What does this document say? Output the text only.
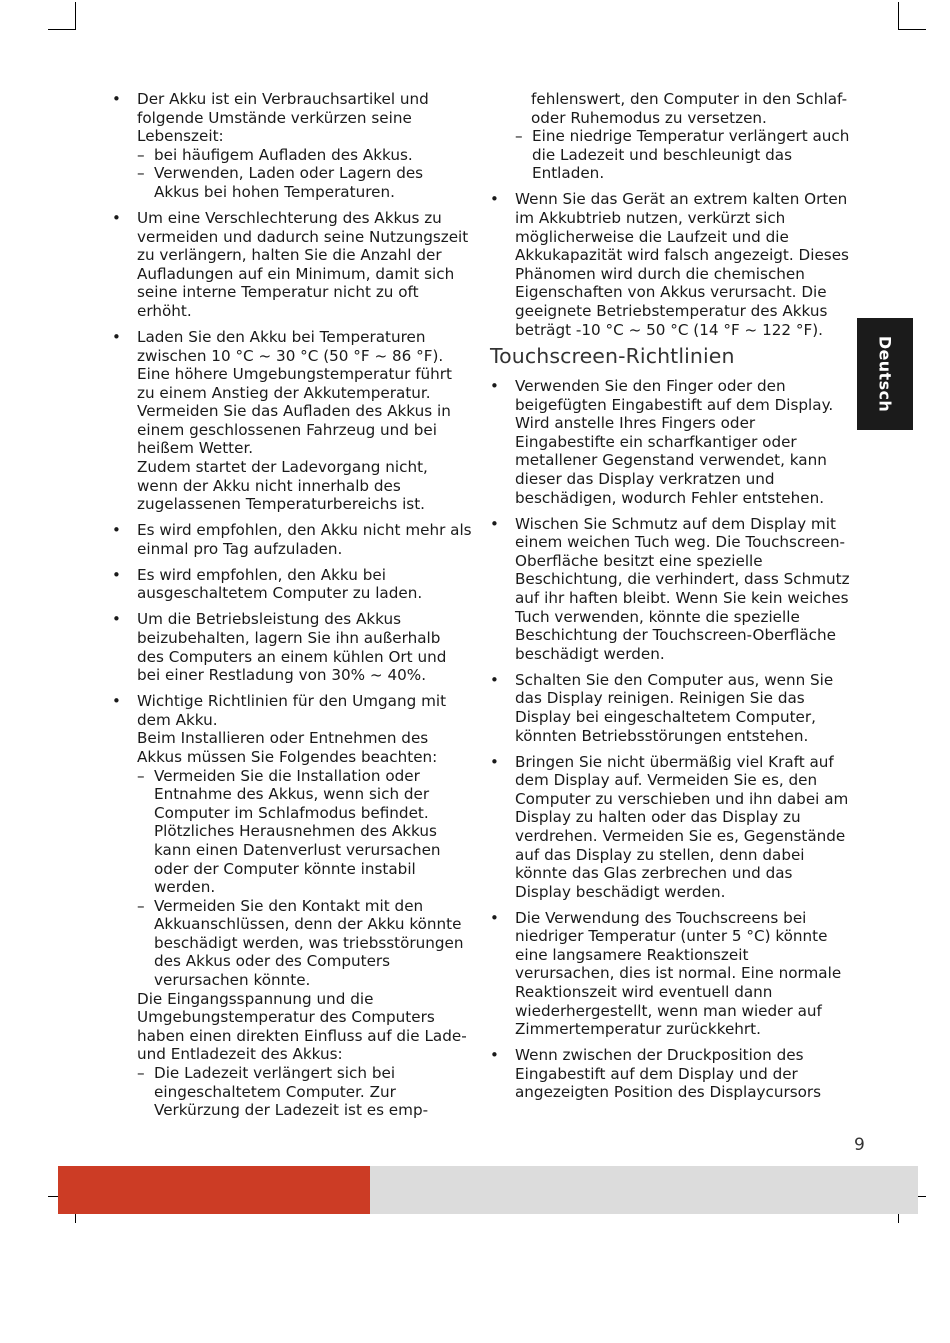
• Der Akku ist ein Verbrauchsartikel und folgende Umstände verkürzen seine Lebenszeit:
– bei häufigem Aufladen des Akkus.
– Verwenden, Laden oder Lagern des Akkus bei hohen Temperaturen.
• Um eine Verschlechterung des Akkus zu vermeiden und dadurch seine Nutzungszeit zu verlängern, halten Sie die Anzahl der Aufladungen auf ein Minimum, damit sich seine interne Temperatur nicht zu oft erhöht.
• Laden Sie den Akku bei Temperaturen zwischen 10 °C ~ 30 °C (50 °F ~ 86 °F). Eine höhere Umgebungstemperatur führt zu einem Anstieg der Akkutemperatur. Vermeiden Sie das Aufladen des Akkus in einem geschlossenen Fahrzeug und bei heißem Wetter.
Zudem startet der Ladevorgang nicht, wenn der Akku nicht innerhalb des zugelassenen Temperaturbereichs ist.
• Es wird empfohlen, den Akku nicht mehr als einmal pro Tag aufzuladen.
• Es wird empfohlen, den Akku bei ausgeschaltetem Computer zu laden.
• Um die Betriebsleistung des Akkus beizubehalten, lagern Sie ihn außerhalb des Computers an einem kühlen Ort und bei einer Restladung von 30% ~ 40%.
• Wichtige Richtlinien für den Umgang mit dem Akku.
Beim Installieren oder Entnehmen des Akkus müssen Sie Folgendes beachten:
– Vermeiden Sie die Installation oder Entnahme des Akkus, wenn sich der Computer im Schlafmodus befindet. Plötzliches Herausnehmen des Akkus kann einen Datenverlust verursachen oder der Computer könnte instabil werden.
– Vermeiden Sie den Kontakt mit den Akkuanschlüssen, denn der Akku könnte beschädigt werden, was triebsstörungen des Akkus oder des Computers verursachen könnte.
Die Eingangsspannung und die Umgebungstemperatur des Computers haben einen direkten Einfluss auf die Lade- und Entladezeit des Akkus:
– Die Ladezeit verlängert sich bei eingeschaltetem Computer. Zur Verkürzung der Ladezeit ist es emp-
fehlenswert, den Computer in den Schlaf- oder Ruhemodus zu versetzen.
– Eine niedrige Temperatur verlängert auch die Ladezeit und beschleunigt das Entladen.
• Wenn Sie das Gerät an extrem kalten Orten im Akkubtrieb nutzen, verkürzt sich möglicherweise die Laufzeit und die Akkukapazität wird falsch angezeigt. Dieses Phänomen wird durch die chemischen Eigenschaften von Akkus verursacht. Die geeignete Betriebstemperatur des Akkus beträgt -10 °C ~ 50 °C (14 °F ~ 122 °F).
Touchscreen-Richtlinien
• Verwenden Sie den Finger oder den beigefügten Eingabestift auf dem Display. Wird anstelle Ihres Fingers oder Eingabestifte ein scharfkantiger oder metallener Gegenstand verwendet, kann dieser das Display verkratzen und beschädigen, wodurch Fehler entstehen.
• Wischen Sie Schmutz auf dem Display mit einem weichen Tuch weg. Die Touchscreen-Oberfläche besitzt eine spezielle Beschichtung, die verhindert, dass Schmutz auf ihr haften bleibt. Wenn Sie kein weiches Tuch verwenden, könnte die spezielle Beschichtung der Touchscreen-Oberfläche beschädigt werden.
• Schalten Sie den Computer aus, wenn Sie das Display reinigen. Reinigen Sie das Display bei eingeschaltetem Computer, könnten Betriebsstörungen entstehen.
• Bringen Sie nicht übermäßig viel Kraft auf dem Display auf. Vermeiden Sie es, den Computer zu verschieben und ihn dabei am Display zu halten oder das Display zu verdrehen. Vermeiden Sie es, Gegenstände auf das Display zu stellen, denn dabei könnte das Glas zerbrechen und das Display beschädigt werden.
• Die Verwendung des Touchscreens bei niedriger Temperatur (unter 5 °C) könnte eine langsamere Reaktionszeit verursachen, dies ist normal. Eine normale Reaktionszeit wird eventuell dann wiederhergestellt, wenn man wieder auf Zimmertemperatur zurückkehrt.
• Wenn zwischen der Druckposition des Eingabestift auf dem Display und der angezeigten Position des Displaycursors
Deutsch
9
